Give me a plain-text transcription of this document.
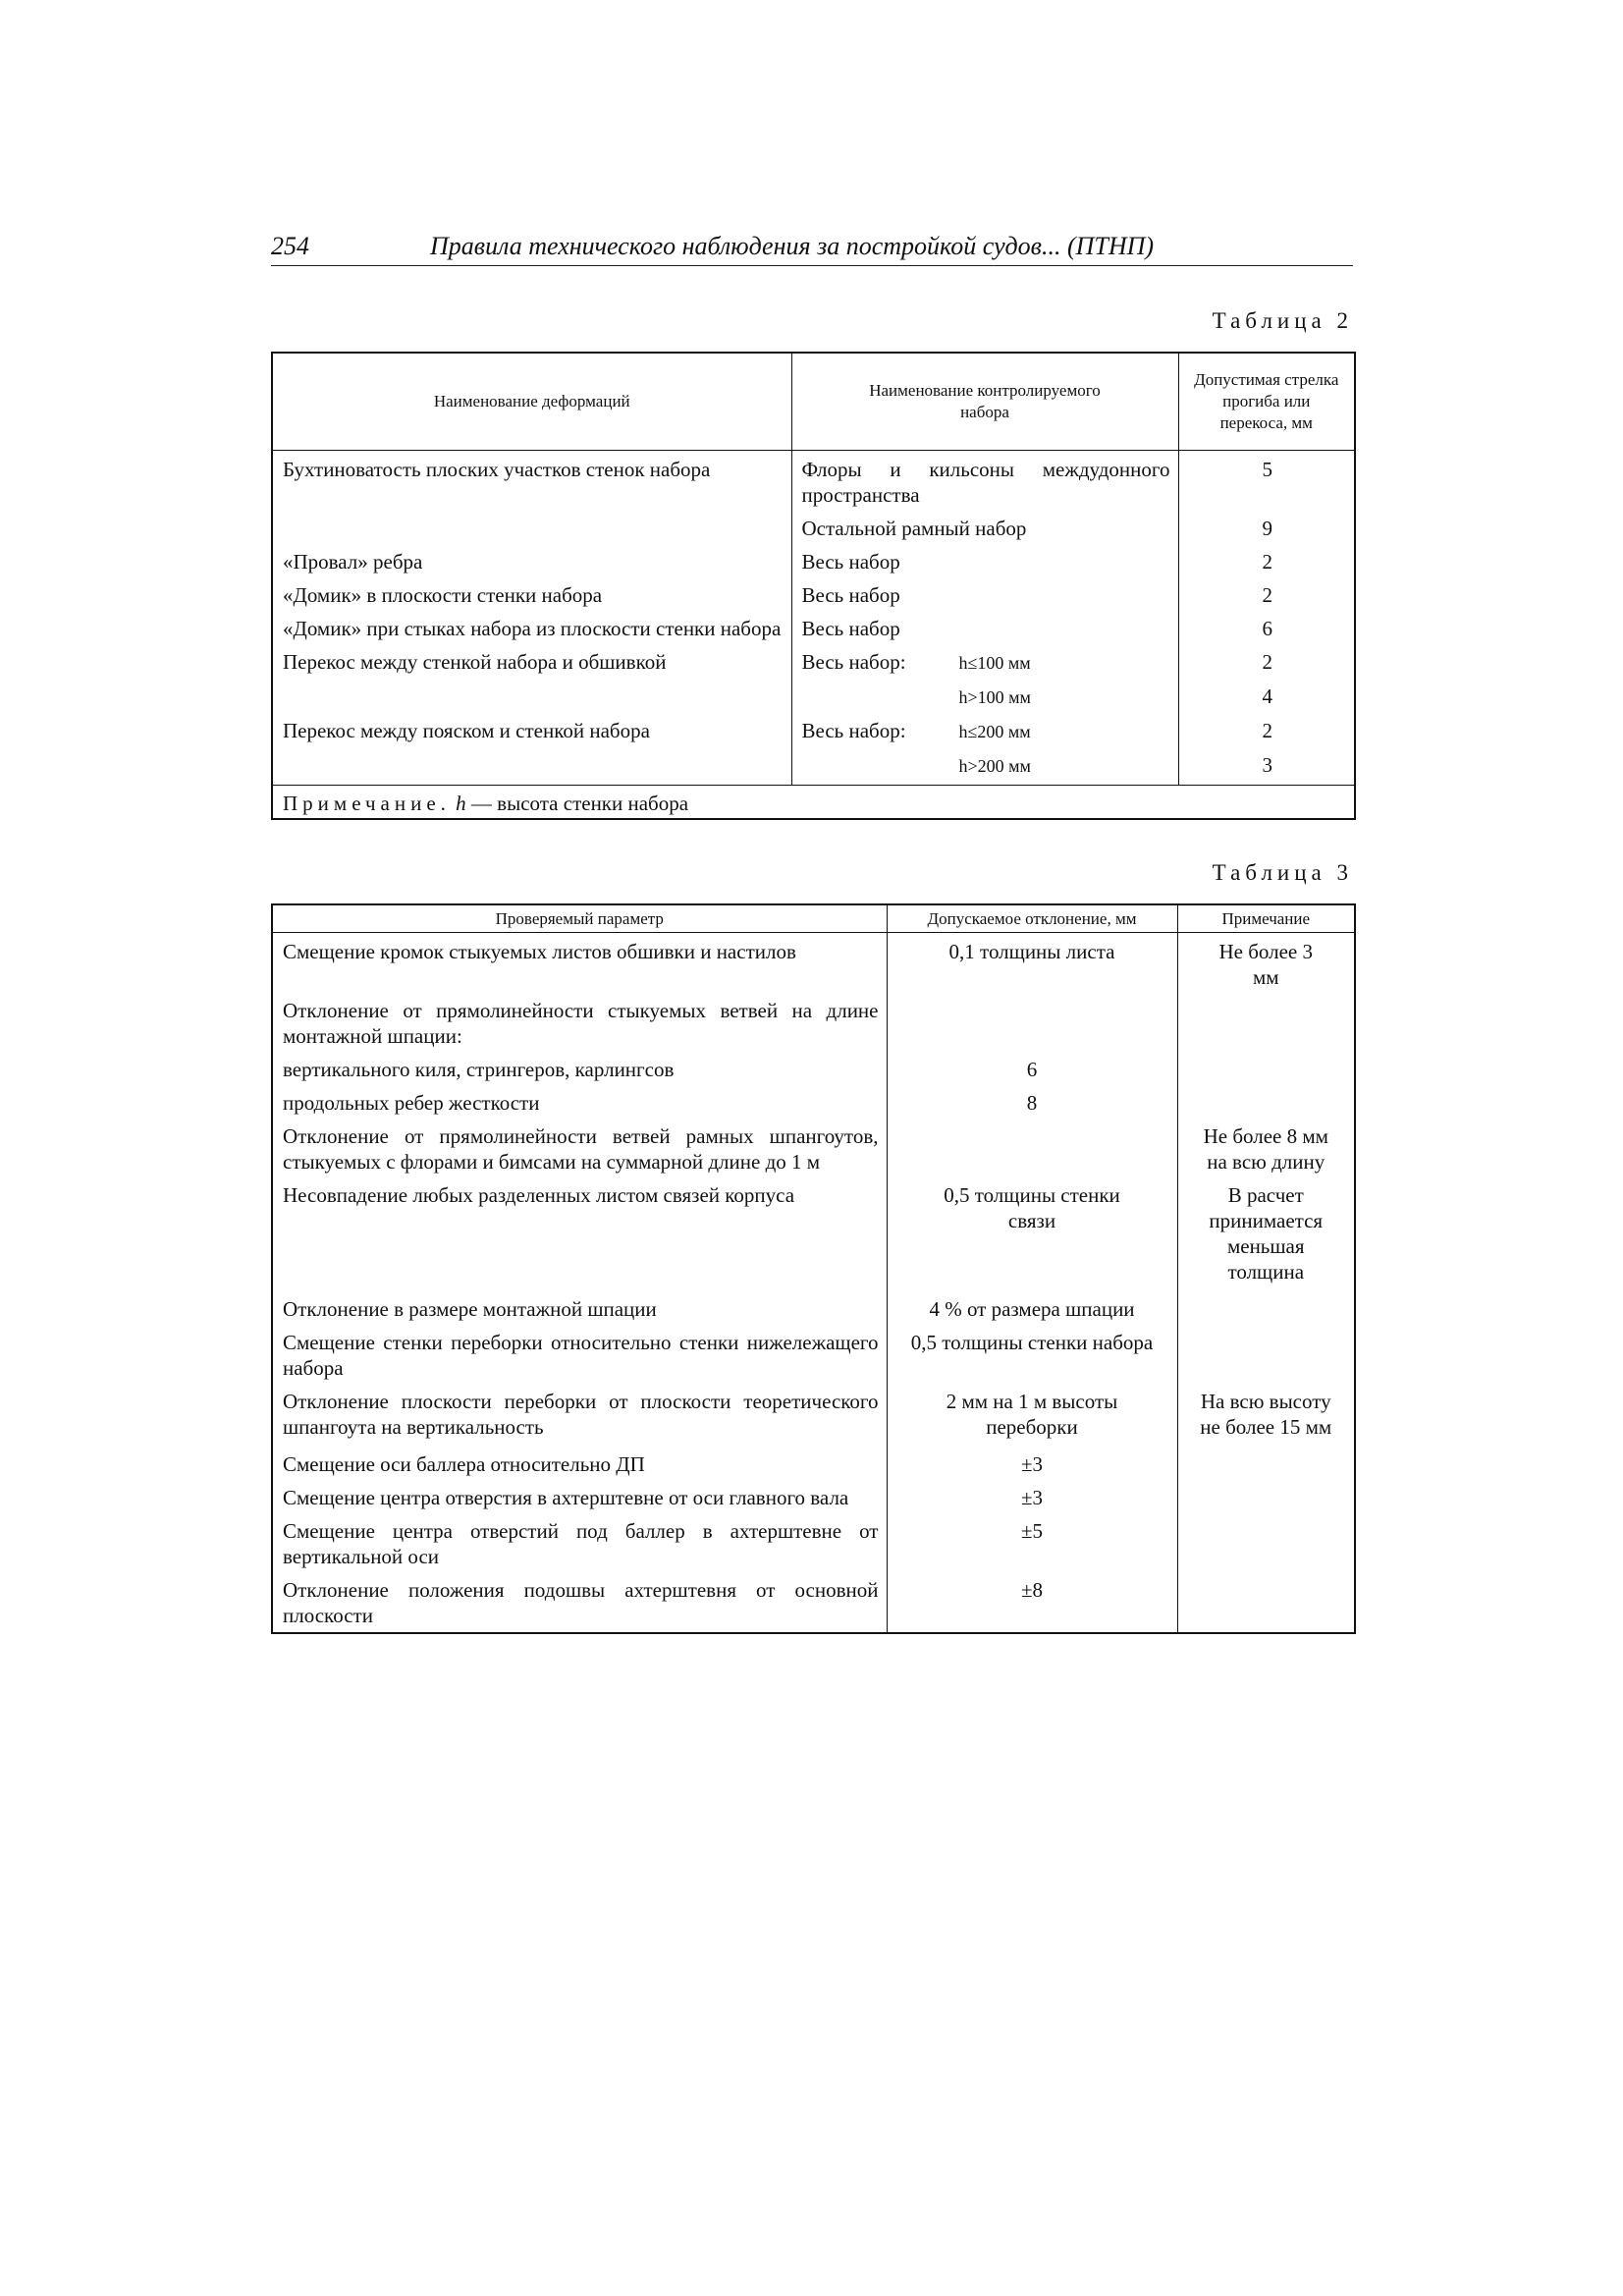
254	Правила технического наблюдения за постройкой судов... (ПТНП)
Таблица 2
Наименование деформаций	Наименование контролируемого набора	Допустимая стрелка прогиба или перекоса, мм
Бухтиноватость плоских участков стенок набора	Флоры и кильсоны междудонного пространства	5
	Остальной рамный набор	9
«Провал» ребра	Весь набор	2
«Домик» в плоскости стенки набора	Весь набор	2
«Домик» при стыках набора из плоскости стенки набора	Весь набор	6
Перекос между стенкой набора и обшивкой	Весь набор: h≤100 мм	2
	h>100 мм	4
Перекос между пояском и стенкой набора	Весь набор: h≤200 мм	2
	h>200 мм	3
Примечание. h — высота стенки набора		
Таблица 3
Проверяемый параметр	Допускаемое отклонение, мм	Примечание
Смещение кромок стыкуемых листов обшивки и настилов	0,1 толщины листа	Не более 3 мм
Отклонение от прямолинейности стыкуемых ветвей на длине монтажной шпации:		
вертикального киля, стрингеров, карлингсов	6	
продольных ребер жесткости	8	
Отклонение от прямолинейности ветвей рамных шпангоутов, стыкуемых с флорами и бимсами на суммарной длине до 1 м		Не более 8 мм на всю длину
Несовпадение любых разделенных листом связей корпуса	0,5 толщины стенки связи	В расчет принимается меньшая толщина
Отклонение в размере монтажной шпации	4 % от размера шпации	
Смещение стенки переборки относительно стенки нижележащего набора	0,5 толщины стенки набора	
Отклонение плоскости переборки от плоскости теоретического шпангоута на вертикальность	2 мм на 1 м высоты переборки	На всю высоту не более 15 мм
Смещение оси баллера относительно ДП	±3	
Смещение центра отверстия в ахтерштевне от оси главного вала	±3	
Смещение центра отверстий под баллер в ахтерштевне от вертикальной оси	±5	
Отклонение положения подошвы ахтерштевня от основной плоскости	±8	
